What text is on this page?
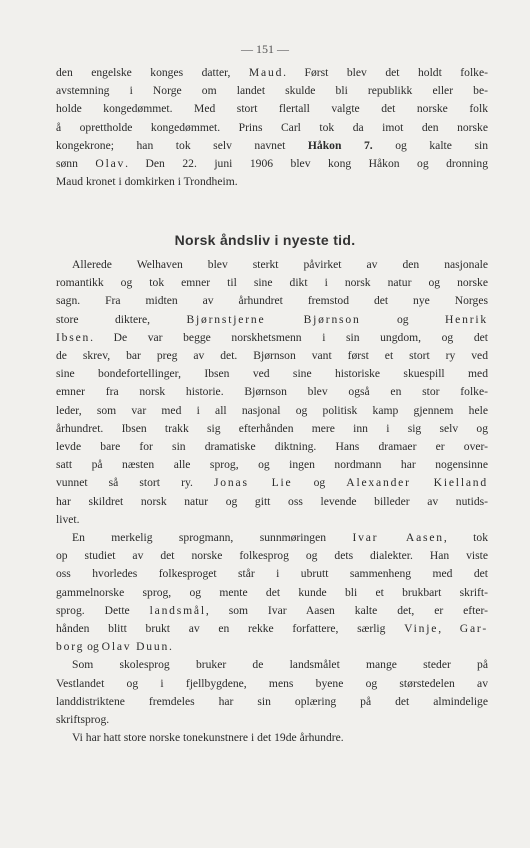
— 151 —
den engelske konges datter, Maud. Først blev det holdt folke-
avstemning i Norge om landet skulde bli republikk eller be-
holde kongedømmet. Med stort flertall valgte det norske folk
å oprettholde kongedømmet. Prins Carl tok da imot den norske
kongekrone; han tok selv navnet Håkon 7. og kalte sin
sønn Olav. Den 22. juni 1906 blev kong Håkon og dronning
Maud kronet i domkirken i Trondheim.
Norsk åndsliv i nyeste tid.
Allerede Welhaven blev sterkt påvirket av den nasjonale
romantikk og tok emner til sine dikt i norsk natur og norske
sagn. Fra midten av århundret fremstod det nye Norges
store diktere, Bjørnstjerne Bjørnson og Henrik
Ibsen. De var begge norskhetsmenn i sin ungdom, og det
de skrev, bar preg av det. Bjørnson vant først et stort ry ved
sine bondefortellinger, Ibsen ved sine historiske skuespill med
emner fra norsk historie. Bjørnson blev også en stor folke-
leder, som var med i all nasjonal og politisk kamp gjennem hele
århundret. Ibsen trakk sig efterhånden mere inn i sig selv og
levde bare for sin dramatiske diktning. Hans dramaer er over-
satt på næsten alle sprog, og ingen nordmann har nogensinne
vunnet så stort ry. Jonas Lie og Alexander Kielland
har skildret norsk natur og gitt oss levende billeder av nutids-
livet.
En merkelig sprogmann, sunnmøringen Ivar Aasen, tok
op studiet av det norske folkesprog og dets dialekter. Han viste
oss hvorledes folkesproget står i ubrutt sammenheng med det
gammelnorske sprog, og mente det kunde bli et brukbart skrift-
sprog. Dette landsmål, som Ivar Aasen kalte det, er efter-
hånden blitt brukt av en rekke forfattere, særlig Vinje, Gar-
borg og Olav Duun.
Som skolesprog bruker de landsmålet mange steder på
Vestlandet og i fjellbygdene, mens byene og størstedelen av
landdistriktene fremdeles har sin oplæring på det almindelige
skriftsprog.
Vi har hatt store norske tonekunstnere i det 19de århundre.
